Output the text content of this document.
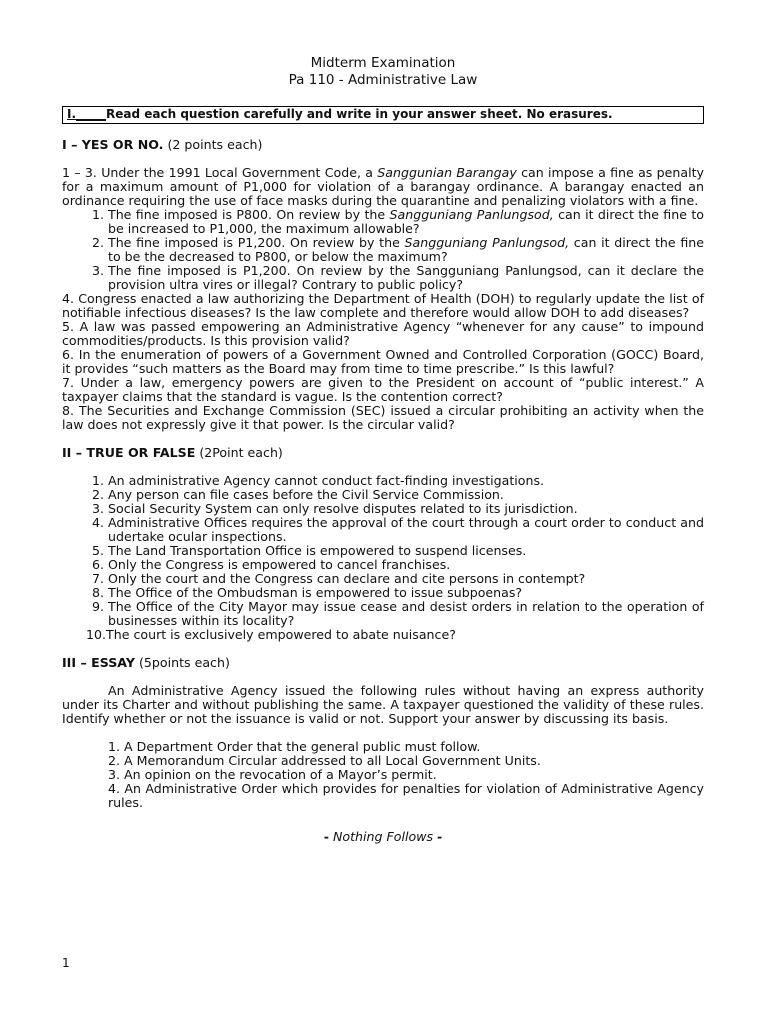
Midterm Examination
Pa 110 - Administrative Law
I._____Read each question carefully and write in your answer sheet. No erasures.
I – YES OR NO. (2 points each)

1 – 3. Under the 1991 Local Government Code, a Sanggunian Barangay can impose a fine as penalty for a maximum amount of P1,000 for violation of a barangay ordinance. A barangay enacted an ordinance requiring the use of face masks during the quarantine and penalizing violators with a fine.

1. The fine imposed is P800. On review by the Sangguniang Panlungsod, can it direct the fine to be increased to P1,000, the maximum allowable?
2. The fine imposed is P1,200. On review by the Sangguniang Panlungsod, can it direct the fine to be the decreased to P800, or below the maximum?
3. The fine imposed is P1,200. On review by the Sangguniang Panlungsod, can it declare the provision ultra vires or illegal? Contrary to public policy?

4. Congress enacted a law authorizing the Department of Health (DOH) to regularly update the list of notifiable infectious diseases? Is the law complete and therefore would allow DOH to add diseases?

5. A law was passed empowering an Administrative Agency “whenever for any cause” to impound commodities/products. Is this provision valid?

6. In the enumeration of powers of a Government Owned and Controlled Corporation (GOCC) Board, it provides “such matters as the Board may from time to time prescribe.” Is this lawful?

7. Under a law, emergency powers are given to the President on account of “public interest.” A taxpayer claims that the standard is vague. Is the contention correct?

8. The Securities and Exchange Commission (SEC) issued a circular prohibiting an activity when the law does not expressly give it that power. Is the circular valid?

II – TRUE OR FALSE (2Point each)
1. An administrative Agency cannot conduct fact-finding investigations.
2. Any person can file cases before the Civil Service Commission.
3. Social Security System can only resolve disputes related to its jurisdiction.
4. Administrative Offices requires the approval of the court through a court order to conduct and udertake ocular inspections.
5. The Land Transportation Office is empowered to suspend licenses.
6. Only the Congress is empowered to cancel franchises.
7. Only the court and the Congress can declare and cite persons in contempt?
8. The Office of the Ombudsman is empowered to issue subpoenas?
9. The Office of the City Mayor may issue cease and desist orders in relation to the operation of businesses within its locality?
10.The court is exclusively empowered to abate nuisance?
III – ESSAY (5points each)

An Administrative Agency issued the following rules without having an express authority under its Charter and without publishing the same. A taxpayer questioned the validity of these rules. Identify whether or not the issuance is valid or not. Support your answer by discussing its basis.

1. A Department Order that the general public must follow.

2. A Memorandum Circular addressed to all Local Government Units.

3. An opinion on the revocation of a Mayor’s permit.

4. An Administrative Order which provides for penalties for violation of Administrative Agency rules.

- Nothing Follows -
1
